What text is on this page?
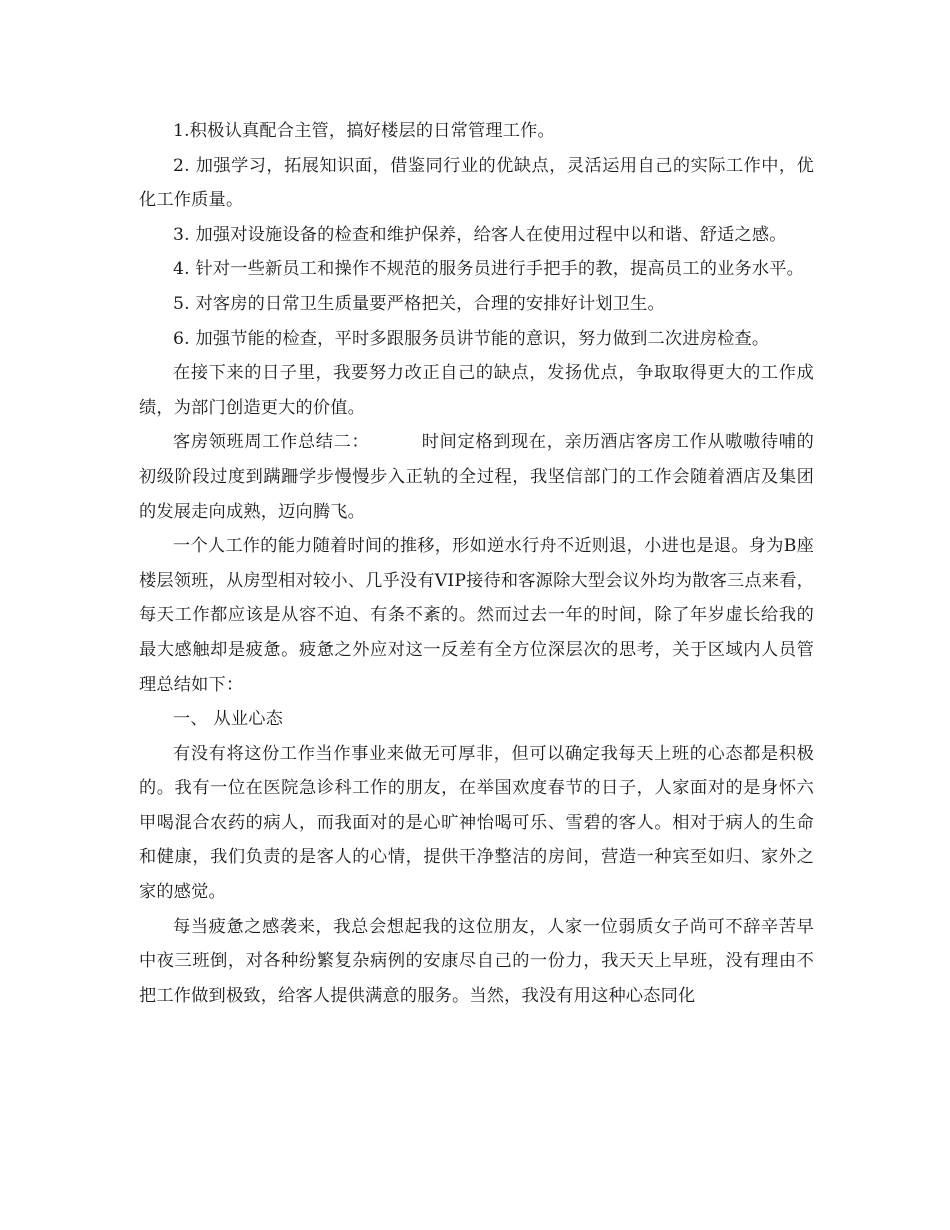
1.积极认真配合主管，搞好楼层的日常管理工作。

2. 加强学习，拓展知识面，借鉴同行业的优缺点，灵活运用自己的实际工作中，优化工作质量。

3. 加强对设施设备的检查和维护保养，给客人在使用过程中以和谐、舒适之感。

4. 针对一些新员工和操作不规范的服务员进行手把手的教，提高员工的业务水平。

5. 对客房的日常卫生质量要严格把关，合理的安排好计划卫生。

6. 加强节能的检查，平时多跟服务员讲节能的意识，努力做到二次进房检查。

在接下来的日子里，我要努力改正自己的缺点，发扬优点，争取取得更大的工作成绩，为部门创造更大的价值。

客房领班周工作总结二：	时间定格到现在，亲历酒店客房工作从嗷嗷待哺的初级阶段过度到蹒跚学步慢慢步入正轨的全过程，我坚信部门的工作会随着酒店及集团的发展走向成熟，迈向腾飞。

一个人工作的能力随着时间的推移，形如逆水行舟不近则退，小进也是退。身为B座楼层领班，从房型相对较小、几乎没有VIP接待和客源除大型会议外均为散客三点来看，每天工作都应该是从容不迫、有条不紊的。然而过去一年的时间，除了年岁虚长给我的最大感触却是疲惫。疲惫之外应对这一反差有全方位深层次的思考，关于区域内人员管理总结如下：

一、 从业心态

有没有将这份工作当作事业来做无可厚非，但可以确定我每天上班的心态都是积极的。我有一位在医院急诊科工作的朋友，在举国欢度春节的日子，人家面对的是身怀六甲喝混合农药的病人，而我面对的是心旷神怡喝可乐、雪碧的客人。相对于病人的生命和健康，我们负责的是客人的心情，提供干净整洁的房间，营造一种宾至如归、家外之家的感觉。

每当疲惫之感袭来，我总会想起我的这位朋友，人家一位弱质女子尚可不辞辛苦早中夜三班倒，对各种纷繁复杂病例的安康尽自己的一份力，我天天上早班，没有理由不把工作做到极致，给客人提供满意的服务。当然，我没有用这种心态同化
